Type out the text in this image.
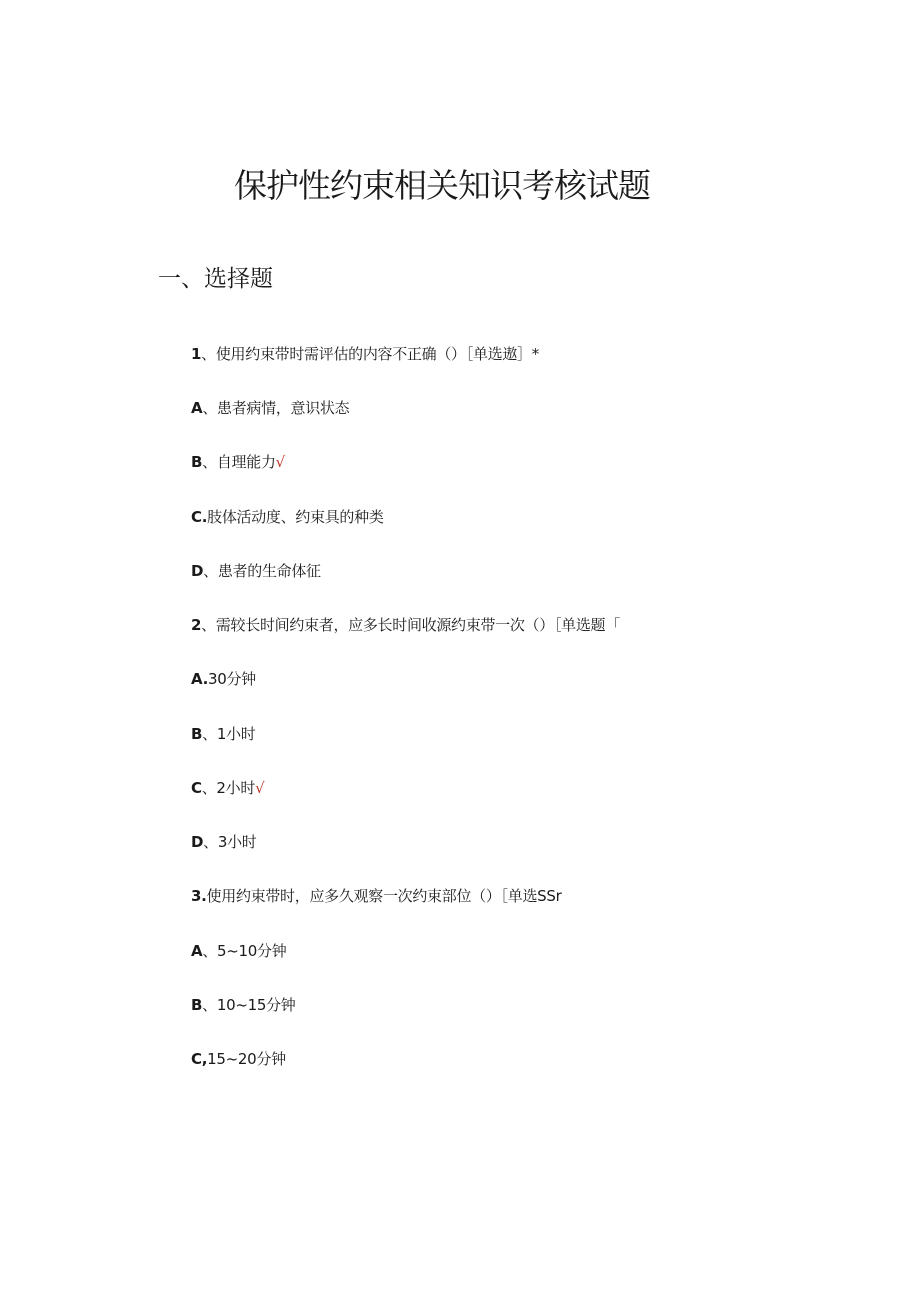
保护性约束相关知识考核试题
一、选择题
1、使用约束带时需评估的内容不正确（）［单选遨］*
A、患者病情，意识状态
B、自理能力√
C.肢体活动度、约束具的种类
D、患者的生命体征
2、需较长时间约束者，应多长时间收源约束带一次（）［单选题「
A.30分钟
B、1小时
C、2小时√
D、3小时
3.使用约束带时，应多久观察一次约束部位（）［单选SSr
A、5~10分钟
B、10~15分钟
C,15~20分钟
